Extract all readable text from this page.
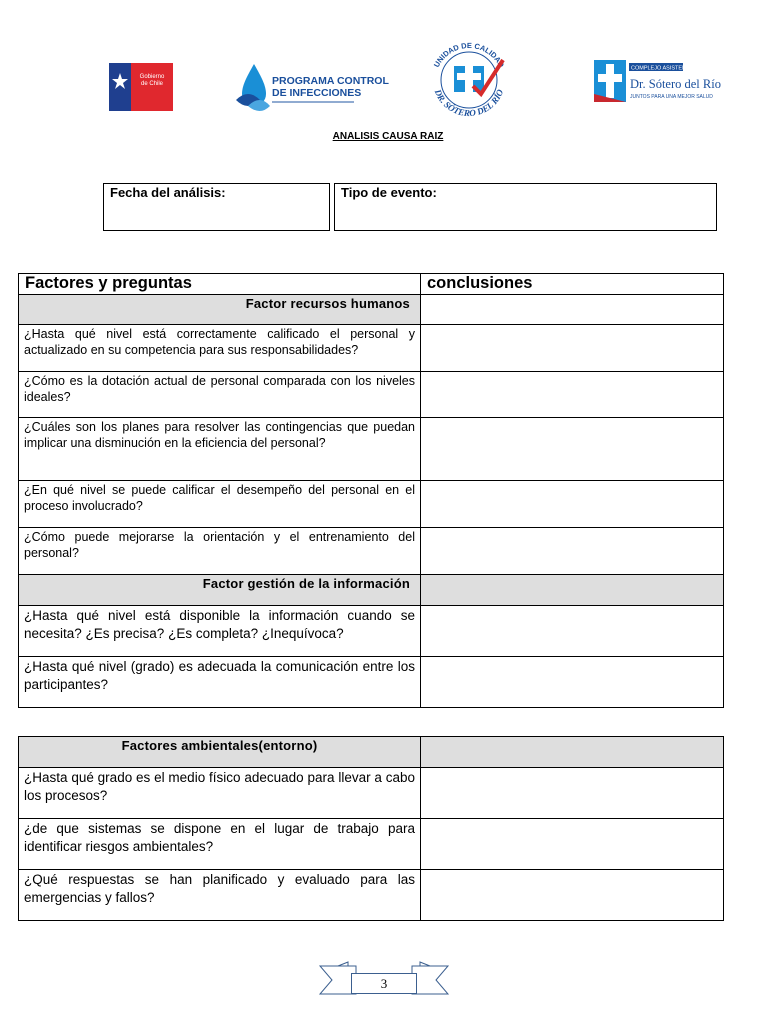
Gobierno
de Chile	PROGRAMA CONTROL
DE INFECCIONES
UNIDAD DE CALIDAD
DR. SÓTERO DEL RÍO
COMPLEJO ASISTENCIAL
Dr. Sótero del Río
JUNTOS PARA UNA MEJOR SALUD
ANALISIS CAUSA RAIZ
Fecha del análisis:	Tipo de evento:
Factores y preguntas	conclusiones
Factor recursos humanos	
¿Hasta qué nivel está correctamente calificado el personal y actualizado en su competencia para sus responsabilidades?	
¿Cómo es la dotación actual de personal comparada con los niveles ideales?	
¿Cuáles son los planes para resolver las contingencias que puedan implicar una disminución en la eficiencia del personal?	
¿En qué nivel se puede calificar el desempeño del personal en el proceso involucrado?	
¿Cómo puede mejorarse la orientación y el entrenamiento del personal?	
Factor gestión de la información	
¿Hasta qué nivel está disponible la información cuando se necesita? ¿Es precisa? ¿Es completa? ¿Inequívoca?	
¿Hasta qué nivel (grado) es adecuada la comunicación entre los participantes?	
Factores ambientales(entorno)	
¿Hasta qué grado es el medio físico adecuado para llevar a cabo los procesos?	
¿de que sistemas se dispone en el lugar de trabajo para identificar riesgos ambientales?	
¿Qué respuestas se han planificado y evaluado para las emergencias y fallos?	
3
